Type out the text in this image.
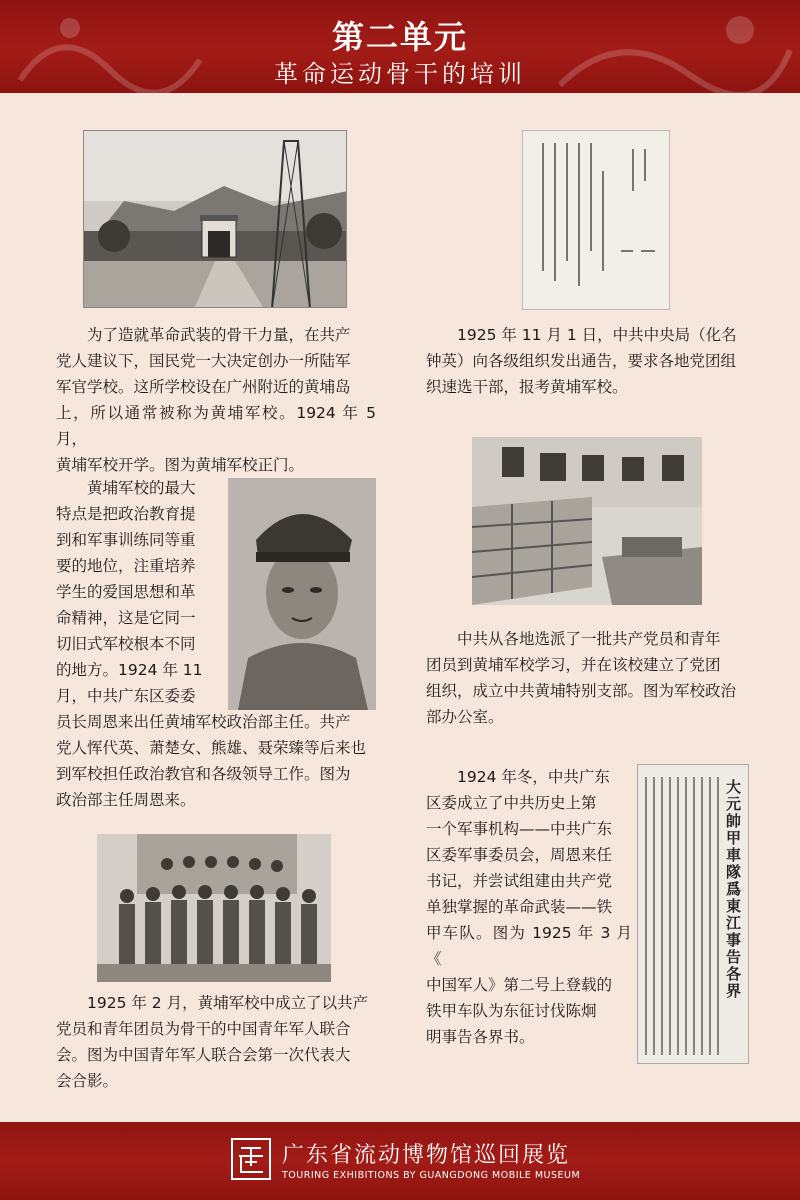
第二单元
革命运动骨干的培训
为了造就革命武装的骨干力量，在共产
党人建议下，国民党一大决定创办一所陆军
军官学校。这所学校设在广州附近的黄埔岛
上，所以通常被称为黄埔军校。1924 年 5 月，
黄埔军校开学。图为黄埔军校正门。
1925 年 11 月 1 日，中共中央局（化名
钟英）向各级组织发出通告，要求各地党团组
织速选干部，报考黄埔军校。
黄埔军校的最大
特点是把政治教育提
到和军事训练同等重
要的地位，注重培养
学生的爱国思想和革
命精神，这是它同一
切旧式军校根本不同
的地方。1924 年 11
月，中共广东区委委
员长周恩来出任黄埔军校政治部主任。共产
党人恽代英、萧楚女、熊雄、聂荣臻等后来也
到军校担任政治教官和各级领导工作。图为
政治部主任周恩来。
中共从各地选派了一批共产党员和青年
团员到黄埔军校学习，并在该校建立了党团
组织，成立中共黄埔特别支部。图为军校政治
部办公室。
1924 年冬，中共广东
区委成立了中共历史上第
一个军事机构——中共广东
区委军事委员会，周恩来任
书记，并尝试组建由共产党
单独掌握的革命武装——铁
甲车队。图为 1925 年 3 月《
中国军人》第二号上登载的
铁甲车队为东征讨伐陈炯
明事告各界书。
大元帥甲車隊爲東江事告各界
1925 年 2 月，黄埔军校中成立了以共产
党员和青年团员为骨干的中国青年军人联合
会。图为中国青年军人联合会第一次代表大
会合影。
广东省流动博物馆巡回展览
TOURING EXHIBITIONS BY GUANGDONG MOBILE MUSEUM
